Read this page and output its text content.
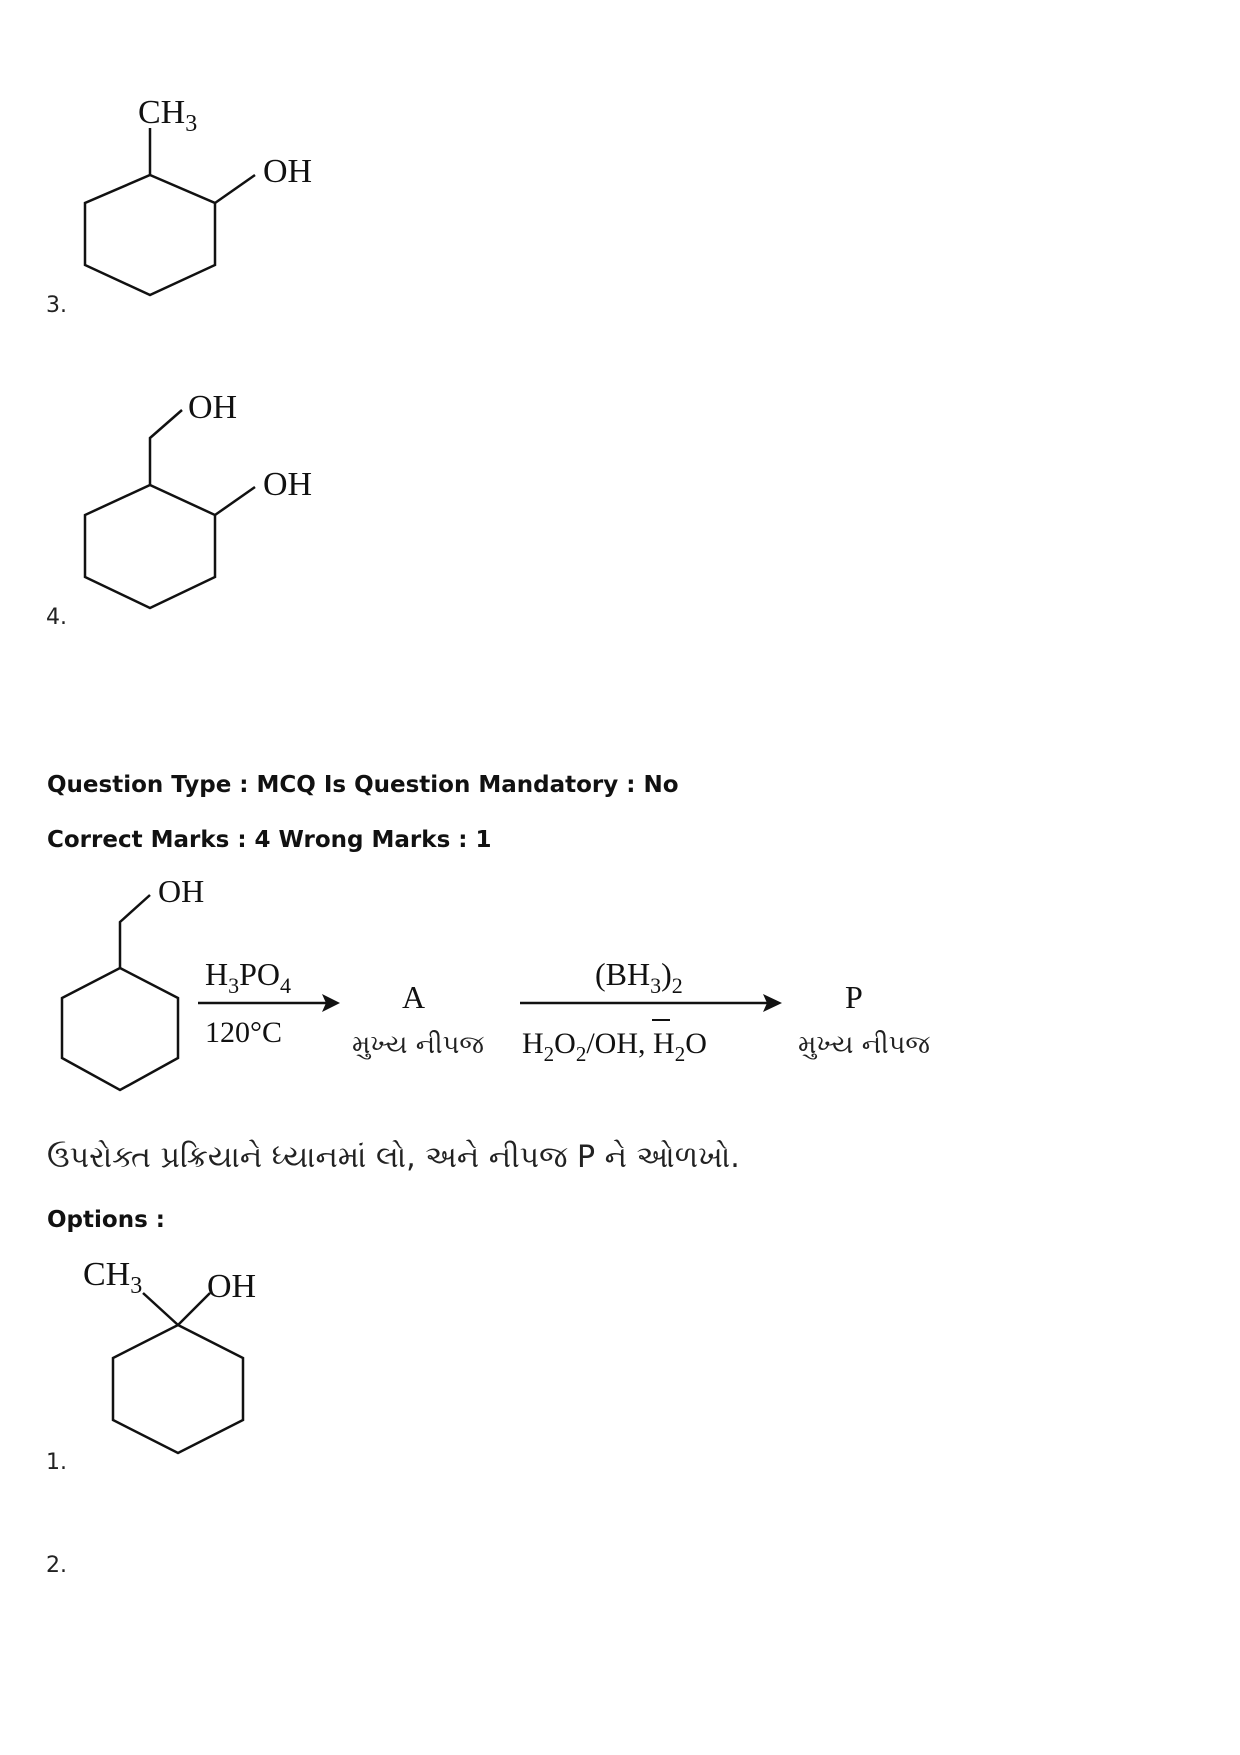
3.
$CH_3$
OH
4.
OH
OH
Question Type : MCQ Is Question Mandatory : No
Correct Marks : 4 Wrong Marks : 1
OH
$H_3PO_4$
120°C
A
$(BH_3)_2$
$H_2O_2/OH$, $H_2O$
P
મુખ્ય નીપજ	મુખ્ય નીપજ
ઉપરોક્ત પ્રક્રિયાને ધ્યાનમાં લો, અને નીપજ P ને ઓળખો.
Options :
1.
$CH_3$ OH
2.
